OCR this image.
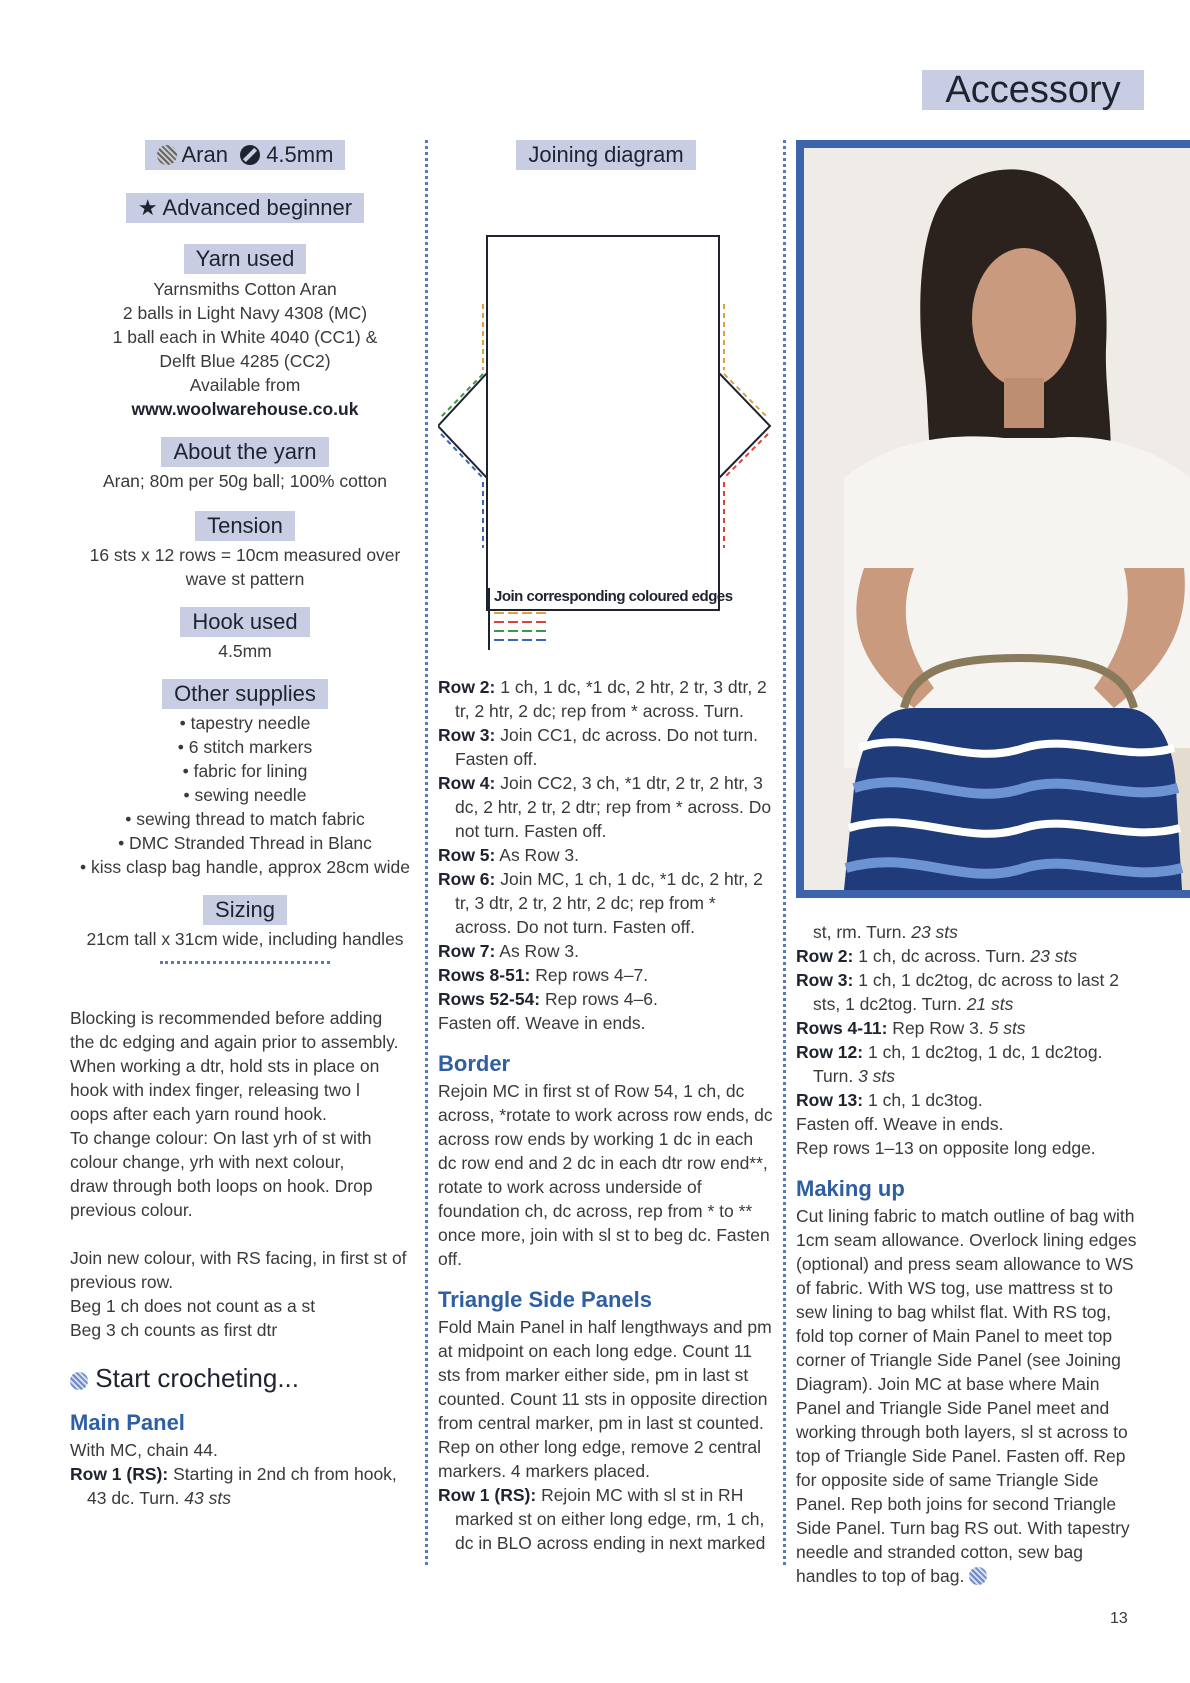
Accessory
Aran 4.5mm
★ Advanced beginner
Yarn used
Yarnsmiths Cotton Aran
2 balls in Light Navy 4308 (MC)
1 ball each in White 4040 (CC1) &
Delft Blue 4285 (CC2)
Available from
www.woolwarehouse.co.uk
About the yarn
Aran; 80m per 50g ball; 100% cotton
Tension
16 sts x 12 rows = 10cm measured over
wave st pattern
Hook used
4.5mm
Other supplies
• tapestry needle
• 6 stitch markers
• fabric for lining
• sewing needle
• sewing thread to match fabric
• DMC Stranded Thread in Blanc
• kiss clasp bag handle, approx 28cm wide
Sizing
21cm tall x 31cm wide, including handles
Blocking is recommended before adding
the dc edging and again prior to assembly.
When working a dtr, hold sts in place on
hook with index finger, releasing two l
oops after each yarn round hook.
To change colour: On last yrh of st with
colour change, yrh with next colour,
draw through both loops on hook. Drop
previous colour.
Join new colour, with RS facing, in first st of
previous row.
Beg 1 ch does not count as a st
Beg 3 ch counts as first dtr
Start crocheting...
Main Panel
With MC, chain 44.
Row 1 (RS): Starting in 2nd ch from hook, 43 dc. Turn. 43 sts
Joining diagram
Join corresponding coloured edges
Row 2: 1 ch, 1 dc, *1 dc, 2 htr, 2 tr, 3 dtr, 2 tr, 2 htr, 2 dc; rep from * across. Turn.
Row 3: Join CC1, dc across. Do not turn. Fasten off.
Row 4: Join CC2, 3 ch, *1 dtr, 2 tr, 2 htr, 3 dc, 2 htr, 2 tr, 2 dtr; rep from * across. Do not turn. Fasten off.
Row 5: As Row 3.
Row 6: Join MC, 1 ch, 1 dc, *1 dc, 2 htr, 2 tr, 3 dtr, 2 tr, 2 htr, 2 dc; rep from * across. Do not turn. Fasten off.
Row 7: As Row 3.
Rows 8-51: Rep rows 4–7.
Rows 52-54: Rep rows 4–6.
Fasten off. Weave in ends.
Border
Rejoin MC in first st of Row 54, 1 ch, dc across, *rotate to work across row ends, dc across row ends by working 1 dc in each dc row end and 2 dc in each dtr row end**, rotate to work across underside of foundation ch, dc across, rep from * to ** once more, join with sl st to beg dc. Fasten off.
Triangle Side Panels
Fold Main Panel in half lengthways and pm at midpoint on each long edge. Count 11 sts from marker either side, pm in last st counted. Count 11 sts in opposite direction from central marker, pm in last st counted. Rep on other long edge, remove 2 central markers. 4 markers placed.
Row 1 (RS): Rejoin MC with sl st in RH marked st on either long edge, rm, 1 ch, dc in BLO across ending in next marked
st, rm. Turn. 23 sts
Row 2: 1 ch, dc across. Turn. 23 sts
Row 3: 1 ch, 1 dc2tog, dc across to last 2 sts, 1 dc2tog. Turn. 21 sts
Rows 4-11: Rep Row 3. 5 sts
Row 12: 1 ch, 1 dc2tog, 1 dc, 1 dc2tog. Turn. 3 sts
Row 13: 1 ch, 1 dc3tog.
Fasten off. Weave in ends.
Rep rows 1–13 on opposite long edge.
Making up
Cut lining fabric to match outline of bag with 1cm seam allowance. Overlock lining edges (optional) and press seam allowance to WS of fabric. With WS tog, use mattress st to sew lining to bag whilst flat. With RS tog, fold top corner of Main Panel to meet top corner of Triangle Side Panel (see Joining Diagram). Join MC at base where Main Panel and Triangle Side Panel meet and working through both layers, sl st across to top of Triangle Side Panel. Fasten off. Rep for opposite side of same Triangle Side Panel. Rep both joins for second Triangle Side Panel. Turn bag RS out. With tapestry needle and stranded cotton, sew bag handles to top of bag.
13
